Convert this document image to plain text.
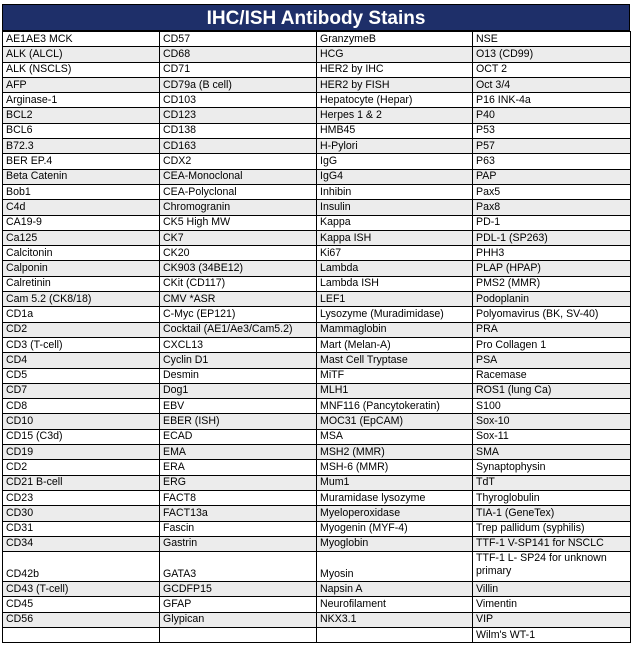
IHC/ISH Antibody Stains
AE1AE3 MCK	CD57	GranzymeB	NSE
ALK (ALCL)	CD68	HCG	O13 (CD99)
ALK (NSCLS)	CD71	HER2 by IHC	OCT 2
AFP	CD79a (B cell)	HER2 by FISH	Oct 3/4
Arginase-1	CD103	Hepatocyte (Hepar)	P16 INK-4a
BCL2	CD123	Herpes 1 & 2	P40
BCL6	CD138	HMB45	P53
B72.3	CD163	H-Pylori	P57
BER EP.4	CDX2	IgG	P63
Beta Catenin	CEA-Monoclonal	IgG4	PAP
Bob1	CEA-Polyclonal	Inhibin	Pax5
C4d	Chromogranin	Insulin	Pax8
CA19-9	CK5 High MW	Kappa	PD-1
Ca125	CK7	Kappa ISH	PDL-1 (SP263)
Calcitonin	CK20	Ki67	PHH3
Calponin	CK903 (34BE12)	Lambda	PLAP (HPAP)
Calretinin	CKit (CD117)	Lambda ISH	PMS2 (MMR)
Cam 5.2 (CK8/18)	CMV *ASR	LEF1	Podoplanin
CD1a	C-Myc (EP121)	Lysozyme (Muradimidase)	Polyomavirus (BK, SV-40)
CD2	Cocktail (AE1/Ae3/Cam5.2)	Mammaglobin	PRA
CD3 (T-cell)	CXCL13	Mart (Melan-A)	Pro Collagen 1
CD4	Cyclin D1	Mast Cell Tryptase	PSA
CD5	Desmin	MiTF	Racemase
CD7	Dog1	MLH1	ROS1 (lung Ca)
CD8	EBV	MNF116 (Pancytokeratin)	S100
CD10	EBER (ISH)	MOC31 (EpCAM)	Sox-10
CD15 (C3d)	ECAD	MSA	Sox-11
CD19	EMA	MSH2 (MMR)	SMA
CD2	ERA	MSH-6 (MMR)	Synaptophysin
CD21 B-cell	ERG	Mum1	TdT
CD23	FACT8	Muramidase lysozyme	Thyroglobulin
CD30	FACT13a	Myeloperoxidase	TIA-1 (GeneTex)
CD31	Fascin	Myogenin (MYF-4)	Trep pallidum (syphilis)
CD34	Gastrin	Myoglobin	TTF-1 V-SP141 for NSCLC
CD42b	GATA3	Myosin	TTF-1 L- SP24 for unknown primary
CD43 (T-cell)	GCDFP15	Napsin A	Villin
CD45	GFAP	Neurofilament	Vimentin
CD56	Glypican	NKX3.1	VIP
			Wilm's WT-1
